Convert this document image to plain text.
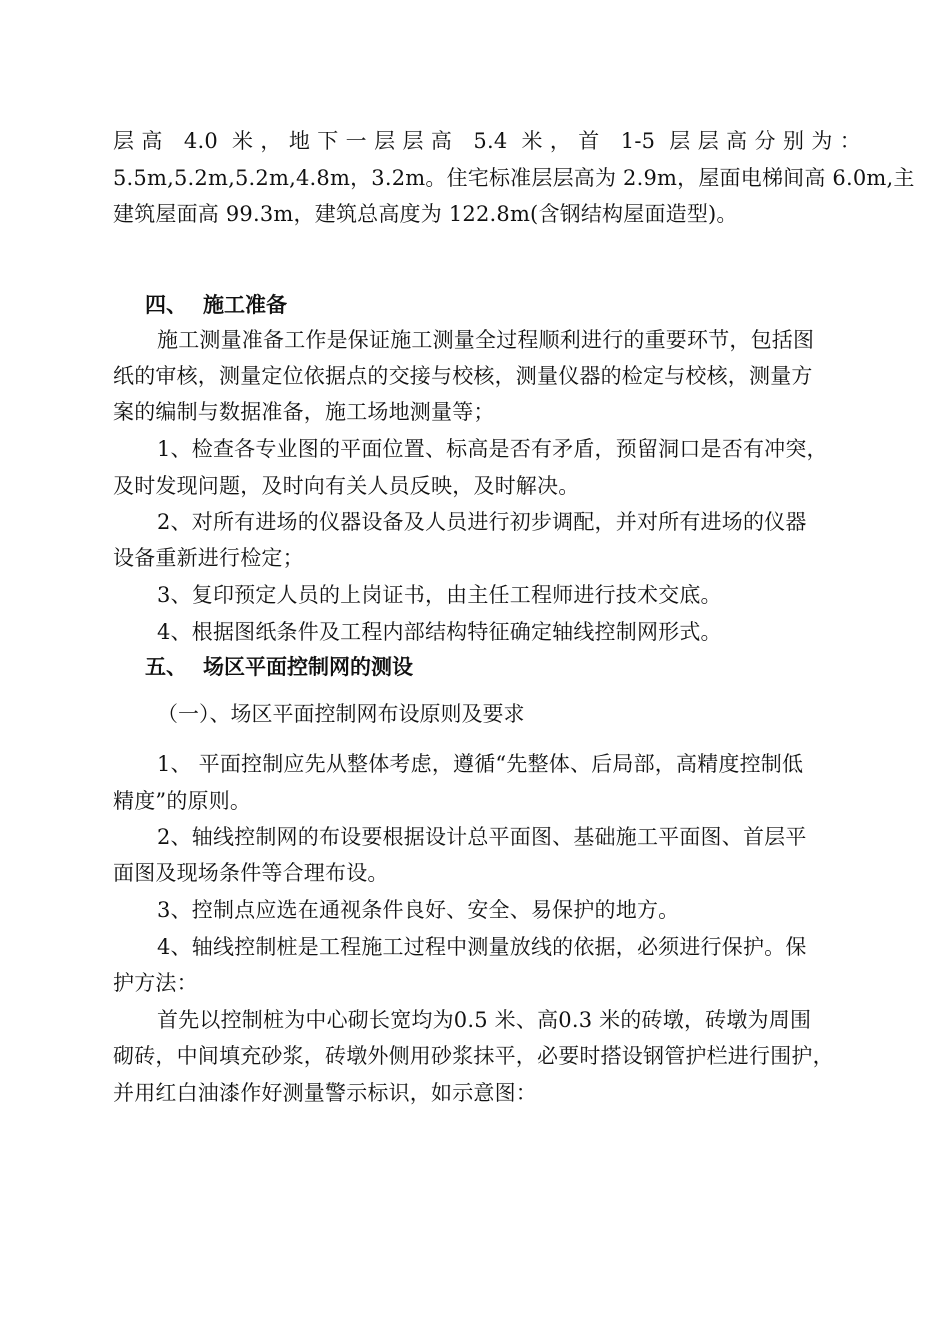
层高 4.0 米，地下一层层高 5.4 米，首 1-5 层层高分别为：
5.5m,5.2m,5.2m,4.8m，3.2m。住宅标准层层高为 2.9m，屋面电梯间高 6.0m,主
建筑屋面高 99.3m，建筑总高度为 122.8m(含钢结构屋面造型)。
四、 施工准备
施工测量准备工作是保证施工测量全过程顺利进行的重要环节，包括图
纸的审核，测量定位依据点的交接与校核，测量仪器的检定与校核，测量方
案的编制与数据准备，施工场地测量等；
1、检查各专业图的平面位置、标高是否有矛盾，预留洞口是否有冲突，
及时发现问题，及时向有关人员反映，及时解决。
2、对所有进场的仪器设备及人员进行初步调配，并对所有进场的仪器
设备重新进行检定；
3、复印预定人员的上岗证书，由主任工程师进行技术交底。
4、根据图纸条件及工程内部结构特征确定轴线控制网形式。
五、 场区平面控制网的测设
（一）、场区平面控制网布设原则及要求
1、 平面控制应先从整体考虑，遵循“先整体、后局部，高精度控制低
精度”的原则。
2、轴线控制网的布设要根据设计总平面图、基础施工平面图、首层平
面图及现场条件等合理布设。
3、控制点应选在通视条件良好、安全、易保护的地方。
4、轴线控制桩是工程施工过程中测量放线的依据，必须进行保护。保
护方法：
首先以控制桩为中心砌长宽均为0.5 米、高0.3 米的砖墩，砖墩为周围
砌砖，中间填充砂浆，砖墩外侧用砂浆抹平，必要时搭设钢管护栏进行围护，
并用红白油漆作好测量警示标识，如示意图：
